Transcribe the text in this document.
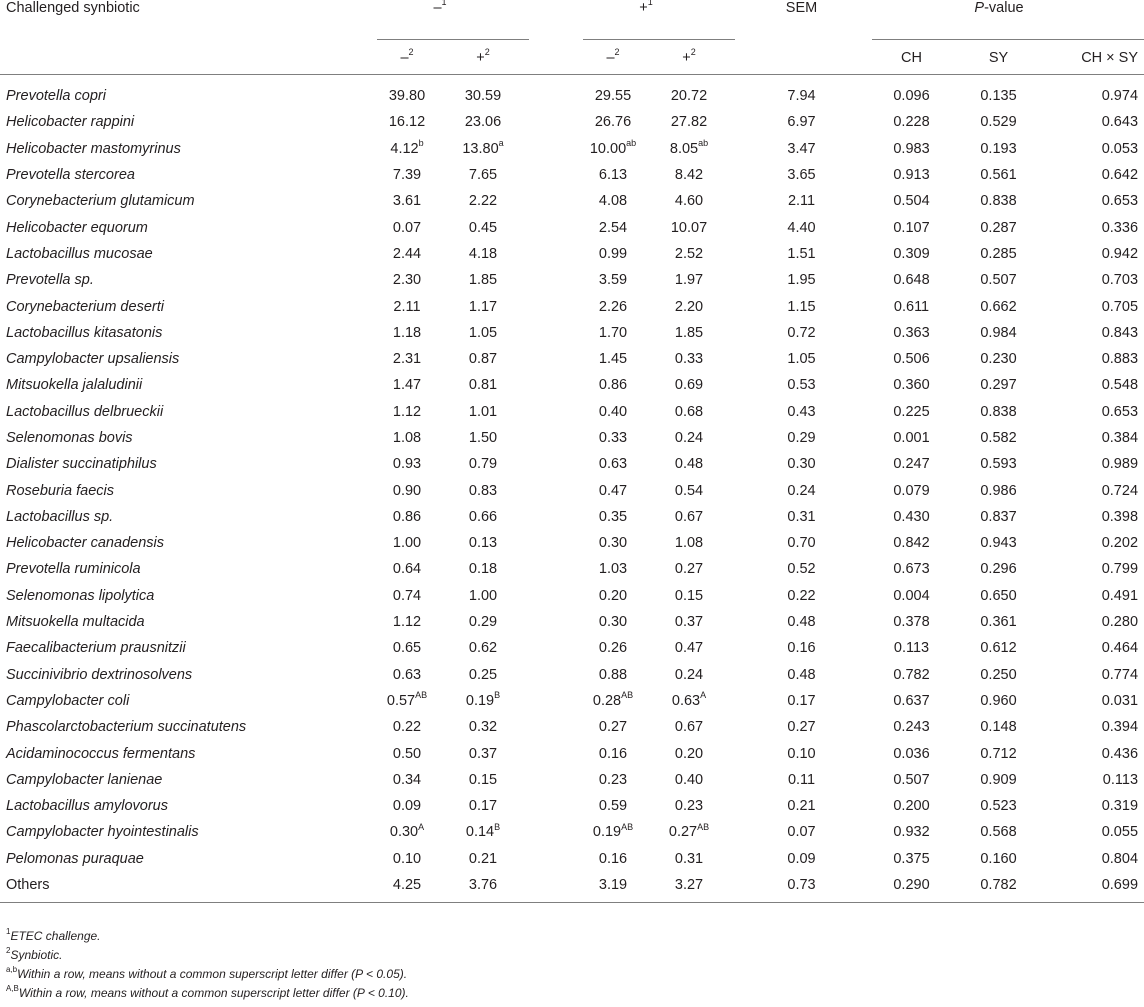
Challenged synbiotic	–$^1$		+$^1$		SEM	P-value		

	–$^2$	+$^2$	–$^2$	+$^2$		CH	SY	CH × SY

Prevotella copri	39.80	30.59	29.55	20.72	7.94	0.096	0.135	0.974
Helicobacter rappini	16.12	23.06	26.76	27.82	6.97	0.228	0.529	0.643
Helicobacter mastomyrinus	4.12$^b$	13.80$^a$	10.00$^{ab}$	8.05$^{ab}$	3.47	0.983	0.193	0.053
Prevotella stercorea	7.39	7.65	6.13	8.42	3.65	0.913	0.561	0.642
Corynebacterium glutamicum	3.61	2.22	4.08	4.60	2.11	0.504	0.838	0.653
Helicobacter equorum	0.07	0.45	2.54	10.07	4.40	0.107	0.287	0.336
Lactobacillus mucosae	2.44	4.18	0.99	2.52	1.51	0.309	0.285	0.942
Prevotella sp.	2.30	1.85	3.59	1.97	1.95	0.648	0.507	0.703
Corynebacterium deserti	2.11	1.17	2.26	2.20	1.15	0.611	0.662	0.705
Lactobacillus kitasatonis	1.18	1.05	1.70	1.85	0.72	0.363	0.984	0.843
Campylobacter upsaliensis	2.31	0.87	1.45	0.33	1.05	0.506	0.230	0.883
Mitsuokella jalaludinii	1.47	0.81	0.86	0.69	0.53	0.360	0.297	0.548
Lactobacillus delbrueckii	1.12	1.01	0.40	0.68	0.43	0.225	0.838	0.653
Selenomonas bovis	1.08	1.50	0.33	0.24	0.29	0.001	0.582	0.384
Dialister succinatiphilus	0.93	0.79	0.63	0.48	0.30	0.247	0.593	0.989
Roseburia faecis	0.90	0.83	0.47	0.54	0.24	0.079	0.986	0.724
Lactobacillus sp.	0.86	0.66	0.35	0.67	0.31	0.430	0.837	0.398
Helicobacter canadensis	1.00	0.13	0.30	1.08	0.70	0.842	0.943	0.202
Prevotella ruminicola	0.64	0.18	1.03	0.27	0.52	0.673	0.296	0.799
Selenomonas lipolytica	0.74	1.00	0.20	0.15	0.22	0.004	0.650	0.491
Mitsuokella multacida	1.12	0.29	0.30	0.37	0.48	0.378	0.361	0.280
Faecalibacterium prausnitzii	0.65	0.62	0.26	0.47	0.16	0.113	0.612	0.464
Succinivibrio dextrinosolvens	0.63	0.25	0.88	0.24	0.48	0.782	0.250	0.774
Campylobacter coli	$0.57^{AB}$	$0.19^B$	$0.28^{AB}$	$0.63^A$	0.17	0.637	0.960	0.031
Phascolarctobacterium succinatutens	0.22	0.32	0.27	0.67	0.27	0.243	0.148	0.394
Acidaminococcus fermentans	0.50	0.37	0.16	0.20	0.10	0.036	0.712	0.436
Campylobacter lanienae	0.34	0.15	0.23	0.40	0.11	0.507	0.909	0.113
Lactobacillus amylovorus	0.09	0.17	0.59	0.23	0.21	0.200	0.523	0.319
Campylobacter hyointestinalis	$0.30^A$	$0.14^B$	$0.19^{AB}$	$0.27^{AB}$	0.07	0.932	0.568	0.055
Pelomonas puraquae	0.10	0.21	0.16	0.31	0.09	0.375	0.160	0.804
Others	4.25	3.76	3.19	3.27	0.73	0.290	0.782	0.699
$^1$ETEC challenge.
$^2$Synbiotic.
$^{a,b}$Within a row, means without a common superscript letter differ (P < 0.05).
$^{A,B}$Within a row, means without a common superscript letter differ (P < 0.10).
